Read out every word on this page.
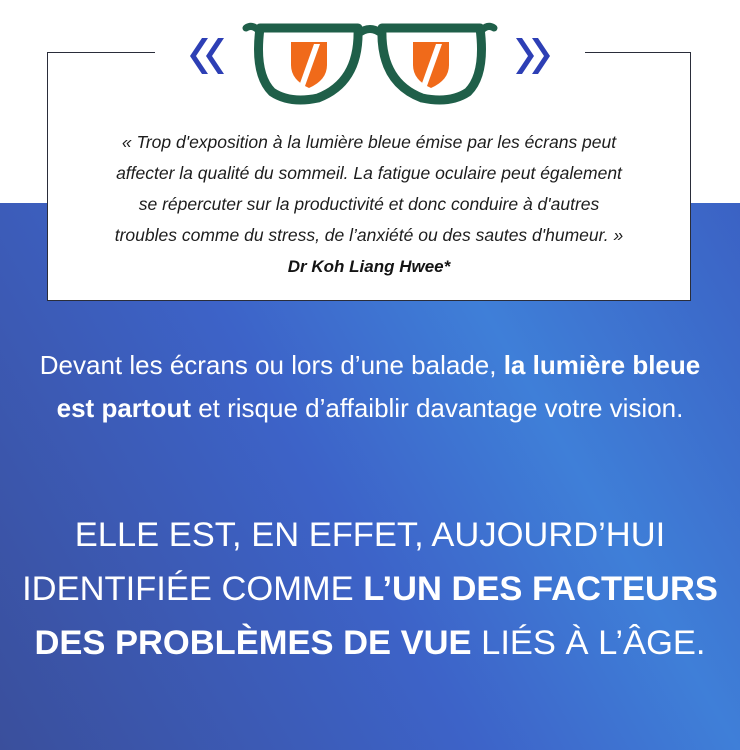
« Trop d'exposition à la lumière bleue émise par les écrans peut
affecter la qualité du sommeil. La fatigue oculaire peut également
se répercuter sur la productivité et donc conduire à d'autres
troubles comme du stress, de l’anxiété ou des sautes d'humeur. »
Dr Koh Liang Hwee*
Devant les écrans ou lors d’une balade, la lumière bleue est partout et risque d’affaiblir davantage votre vision.
ELLE EST, EN EFFET, AUJOURD’HUI IDENTIFIÉE COMME L’UN DES FACTEURS DES PROBLÈMES DE VUE LIÉS À L’ÂGE.
